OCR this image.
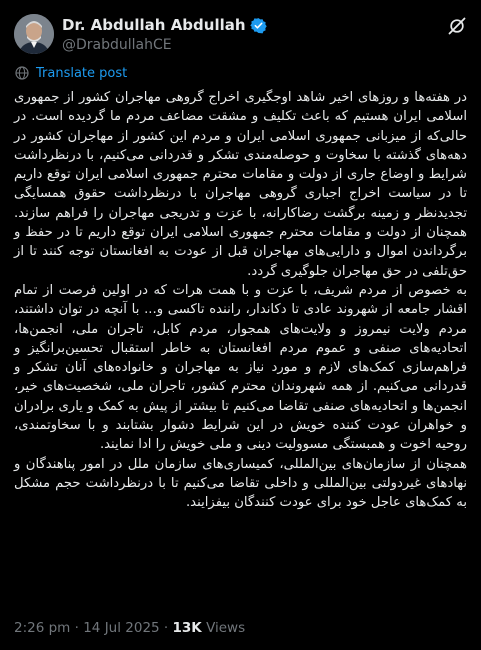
Dr. Abdullah Abdullah
@DrabdullahCE
Translate post
در هفته‌ها و روزهای اخیر شاهد اوجگیری اخراج گروهی مهاجران کشور از جمهوری اسلامی ایران هستیم که باعث تکلیف و مشقت مضاعف مردم ما گردیده است. در حالی‌که از میزبانی جمهوری اسلامی ایران و مردم این کشور از مهاجران کشور در دهه‌های گذشته با سخاوت و حوصله‌مندی تشکر و قدردانی می‌کنیم، با درنظرداشت شرایط و اوضاع جاری از دولت و مقامات محترم جمهوری اسلامی ایران توقع داریم تا در سیاست اخراج اجباری گروهی مهاجران با درنظرداشت حقوق همسایگی تجدیدنظر و زمینه برگشت رضاکارانه، با عزت و تدریجی مهاجران را فراهم سازند. همچنان از دولت و مقامات محترم جمهوری اسلامی ایران توقع داریم تا در حفظ و برگرداندن اموال و دارایی‌های مهاجران قبل از عودت به افغانستان توجه کنند تا از حق‌تلفی در حق مهاجران جلوگیری گردد.
به خصوص از مردم شریف، با عزت و با همت هرات که در اولین فرصت از تمام اقشار جامعه از شهروند عادی تا دکاندار، راننده تاکسی و... با آنچه در توان داشتند، مردم ولایت نیمروز و ولایت‌های همجوار، مردم کابل، تاجران ملی، انجمن‌ها، اتحادیه‌های صنفی و عموم مردم افغانستان به خاطر استقبال تحسین‌برانگیز و فراهم‌سازی کمک‌های لازم و مورد نیاز به مهاجران و خانواده‌های آنان تشکر و قدردانی می‌کنیم. از همه شهروندان محترم کشور، تاجران ملی، شخصیت‌های خیر، انجمن‌ها و اتحادیه‌های صنفی تقاضا می‌کنیم تا بیشتر از پیش به کمک و یاری برادران و خواهران عودت کننده خویش در این شرایط دشوار بشتابند و با سخاوتمندی، روحیه اخوت و همبستگی مسوولیت دینی و ملی خویش را ادا نمایند.
همچنان از سازمان‌های بین‌المللی، کمیساری‌های سازمان ملل در امور پناهندگان و نهادهای غیردولتی بین‌المللی و داخلی تقاضا می‌کنیم تا با درنظرداشت حجم مشکل به کمک‌های عاجل خود برای عودت کنندگان بیفزایند.
2:26 pm · 14 Jul 2025 · 13K Views
